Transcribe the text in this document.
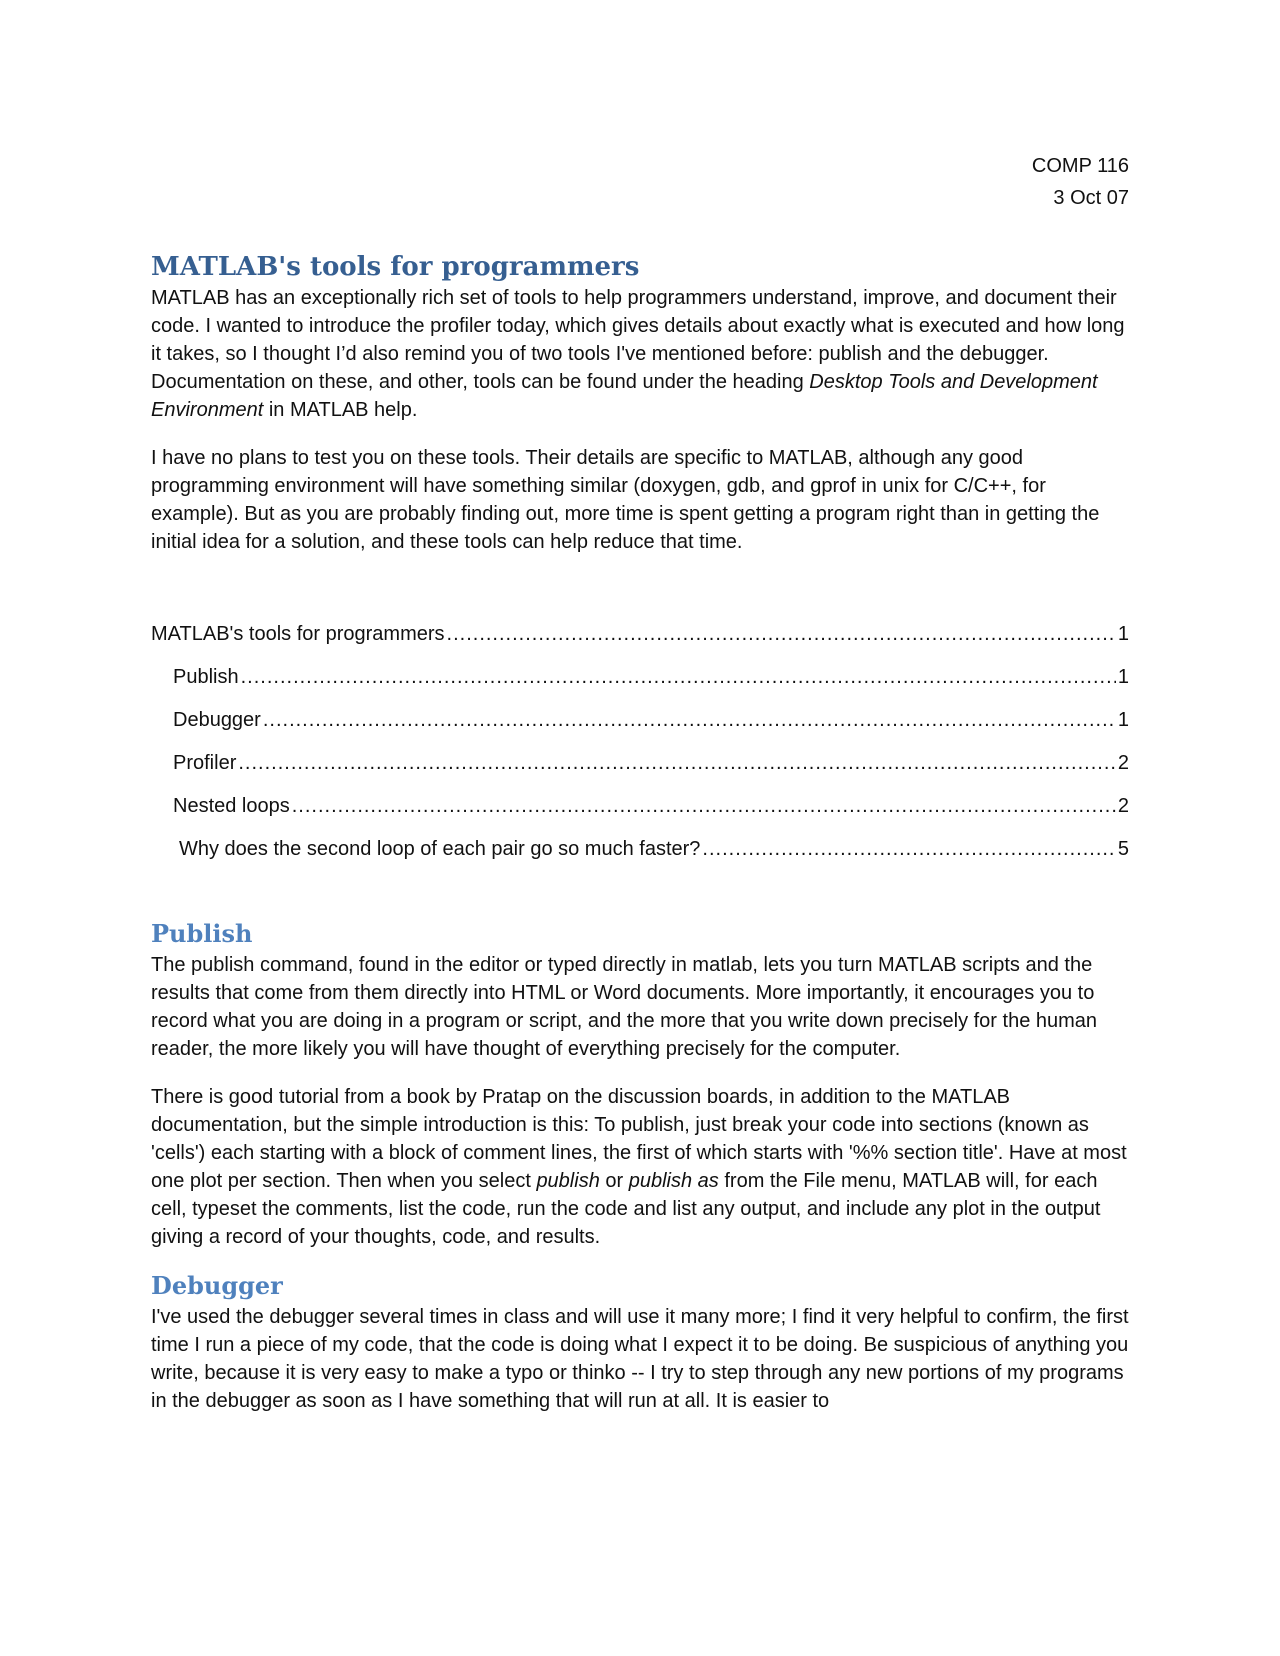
COMP 116
3 Oct 07
MATLAB's tools for programmers

MATLAB has an exceptionally rich set of tools to help programmers understand, improve, and document their code. I wanted to introduce the profiler today, which gives details about exactly what is executed and how long it takes, so I thought I’d also remind you of two tools I've mentioned before: publish and the debugger. Documentation on these, and other, tools can be found under the heading Desktop Tools and Development Environment in MATLAB help.

I have no plans to test you on these tools. Their details are specific to MATLAB, although any good programming environment will have something similar (doxygen, gdb, and gprof in unix for C/C++, for example). But as you are probably finding out, more time is spent getting a program right than in getting the initial idea for a solution, and these tools can help reduce that time.

MATLAB's tools for programmers .....	1
Publish .....	1
Debugger .....	1
Profiler .....	2
Nested loops .....	2
Why does the second loop of each pair go so much faster? .....	5
Publish

The publish command, found in the editor or typed directly in matlab, lets you turn MATLAB scripts and the results that come from them directly into HTML or Word documents. More importantly, it encourages you to record what you are doing in a program or script, and the more that you write down precisely for the human reader, the more likely you will have thought of everything precisely for the computer.

There is good tutorial from a book by Pratap on the discussion boards, in addition to the MATLAB documentation, but the simple introduction is this: To publish, just break your code into sections (known as 'cells') each starting with a block of comment lines, the first of which starts with '%% section title'. Have at most one plot per section. Then when you select publish or publish as from the File menu, MATLAB will, for each cell, typeset the comments, list the code, run the code and list any output, and include any plot in the output giving a record of your thoughts, code, and results.

Debugger

I've used the debugger several times in class and will use it many more; I find it very helpful to confirm, the first time I run a piece of my code, that the code is doing what I expect it to be doing. Be suspicious of anything you write, because it is very easy to make a typo or thinko -- I try to step through any new portions of my programs in the debugger as soon as I have something that will run at all. It is easier to
